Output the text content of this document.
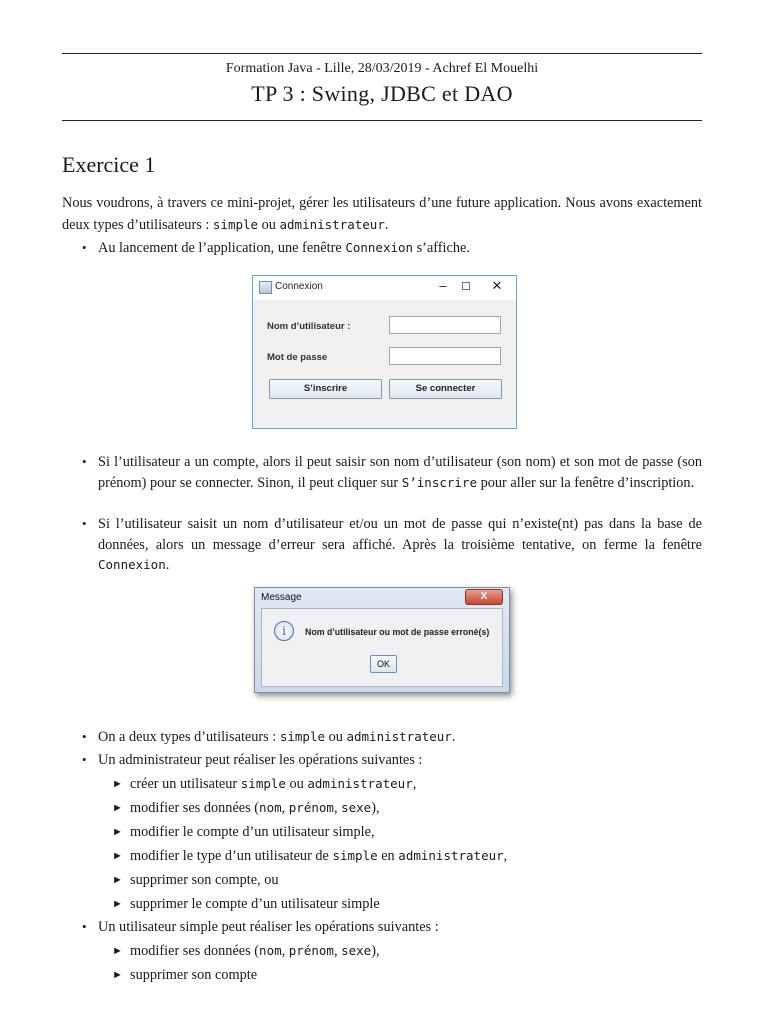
Formation Java - Lille, 28/03/2019 - Achref El Mouelhi
TP 3 : Swing, JDBC et DAO
Exercice 1
Nous voudrons, à travers ce mini-projet, gérer les utilisateurs d’une future application. Nous avons exactement deux types d’utilisateurs : simple ou administrateur.
• Au lancement de l’application, une fenêtre Connexion s’affiche.
Connexion	–	☐	✕
Nom d’utilisateur :
Mot de passe
S’inscrire	Se connecter
• Si l’utilisateur a un compte, alors il peut saisir son nom d’utilisateur (son nom) et son mot de passe (son prénom) pour se connecter. Sinon, il peut cliquer sur S’inscrire pour aller sur la fenêtre d’inscription.
• Si l’utilisateur saisit un nom d’utilisateur et/ou un mot de passe qui n’existe(nt) pas dans la base de données, alors un message d’erreur sera affiché. Après la troisième tentative, on ferme la fenêtre Connexion.
Message	X
i	Nom d’utilisateur ou mot de passe erroné(s)
OK
• On a deux types d’utilisateurs : simple ou administrateur.
• Un administrateur peut réaliser les opérations suivantes :
► créer un utilisateur simple ou administrateur,
► modifier ses données (nom, prénom, sexe),
► modifier le compte d’un utilisateur simple,
► modifier le type d’un utilisateur de simple en administrateur,
► supprimer son compte, ou
► supprimer le compte d’un utilisateur simple
• Un utilisateur simple peut réaliser les opérations suivantes :
► modifier ses données (nom, prénom, sexe),
► supprimer son compte
